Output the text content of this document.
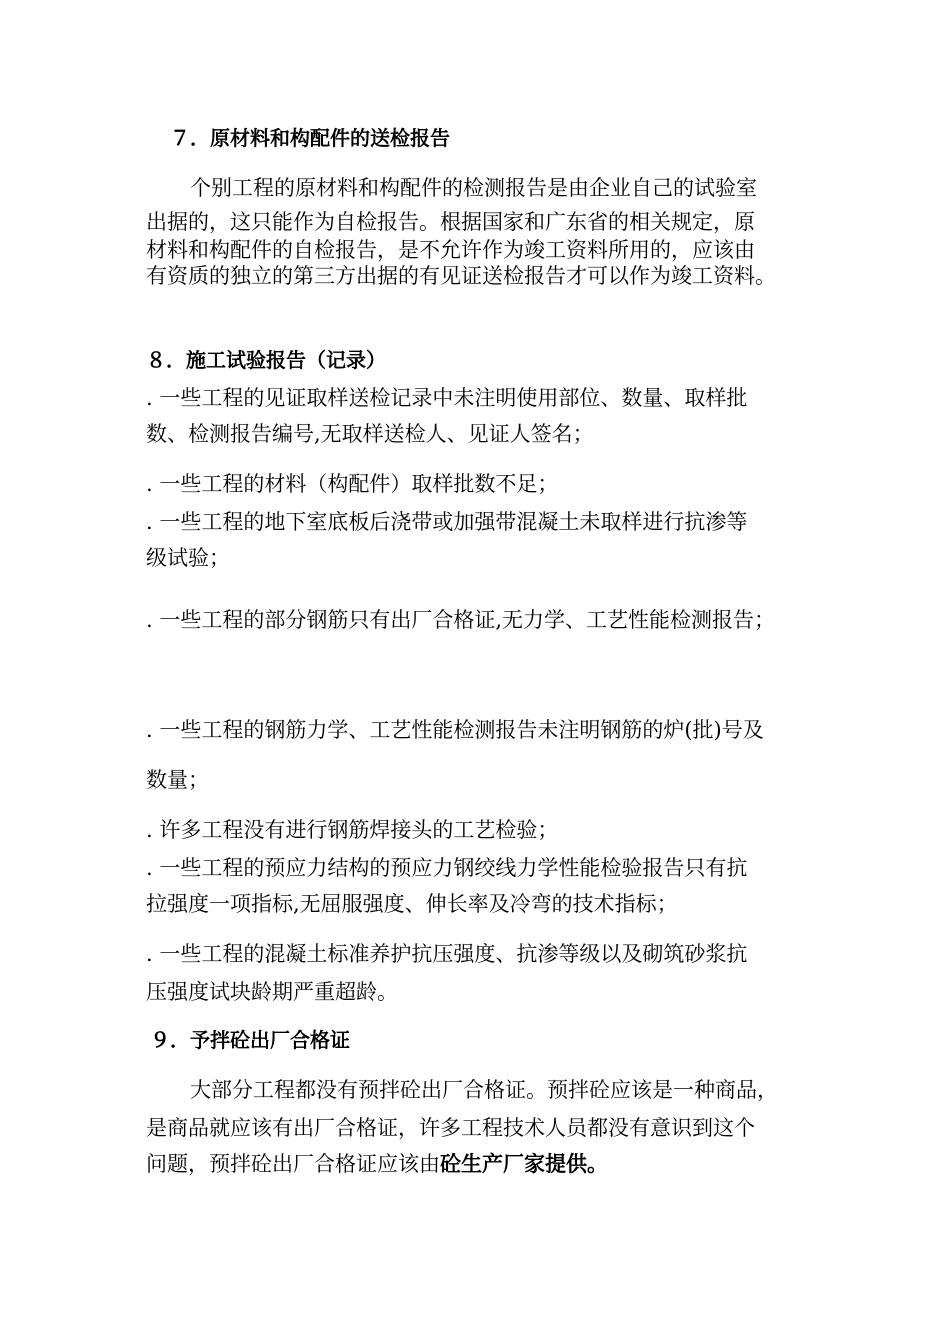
７．原材料和构配件的送检报告
个别工程的原材料和构配件的检测报告是由企业自己的试验室
出据的，这只能作为自检报告。根据国家和广东省的相关规定，原
材料和构配件的自检报告，是不允许作为竣工资料所用的，应该由
有资质的独立的第三方出据的有见证送检报告才可以作为竣工资料。
８．施工试验报告（记录）
. 一些工程的见证取样送检记录中未注明使用部位、数量、取样批
数、检测报告编号,无取样送检人、见证人签名；
. 一些工程的材料（构配件）取样批数不足；
. 一些工程的地下室底板后浇带或加强带混凝土未取样进行抗渗等
级试验；
. 一些工程的部分钢筋只有出厂合格证,无力学、工艺性能检测报告；
. 一些工程的钢筋力学、工艺性能检测报告未注明钢筋的炉(批)号及
数量；
. 许多工程没有进行钢筋焊接头的工艺检验；
. 一些工程的预应力结构的预应力钢绞线力学性能检验报告只有抗
拉强度一项指标,无屈服强度、伸长率及冷弯的技术指标；
. 一些工程的混凝土标准养护抗压强度、抗渗等级以及砌筑砂浆抗
压强度试块龄期严重超龄。
９．予拌砼出厂合格证
大部分工程都没有预拌砼出厂合格证。预拌砼应该是一种商品，
是商品就应该有出厂合格证，许多工程技术人员都没有意识到这个
问题，预拌砼出厂合格证应该由砼生产厂家提供。
